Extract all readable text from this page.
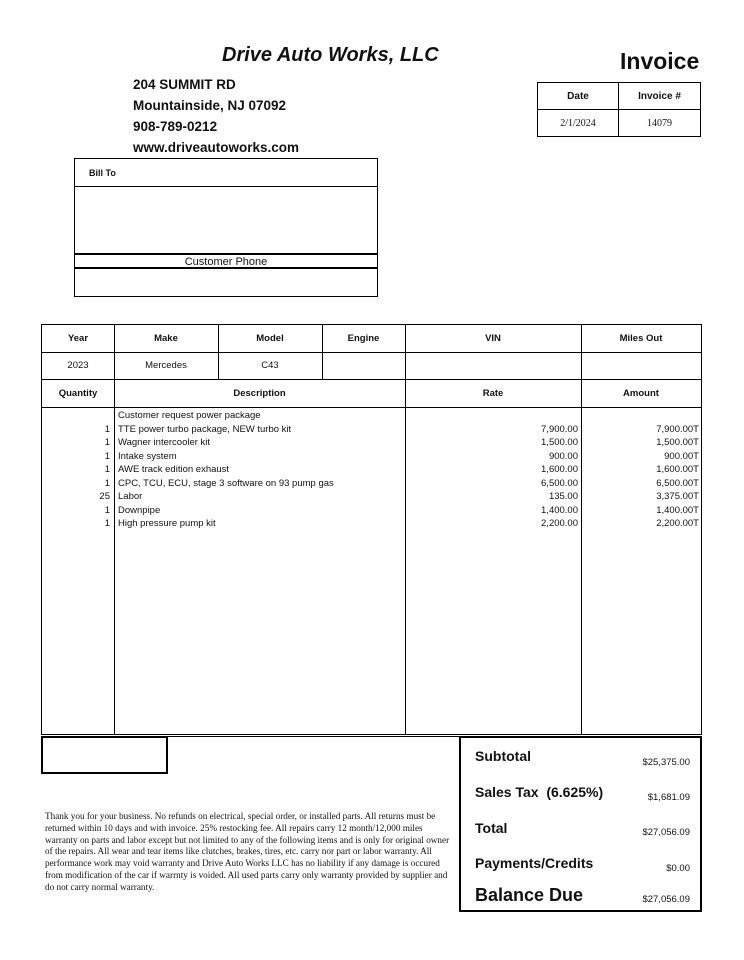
Drive Auto Works, LLC
204 SUMMIT RD
Mountainside, NJ 07092
908-789-0212
www.driveautoworks.com
Invoice
Date	Invoice #
2/1/2024	14079
Bill To
Customer Phone
Year	Make	Model	Engine	VIN	Miles Out
2023	Mercedes	C43
Quantity	Description	Rate	Amount
Customer request power package
1 TTE power turbo package, NEW turbo kit	7,900.00	7,900.00T
1 Wagner intercooler kit	1,500.00	1,500.00T
1 Intake system	900.00	900.00T
1 AWE track edition exhaust	1,600.00	1,600.00T
1 CPC, TCU, ECU, stage 3 software on 93 pump gas	6,500.00	6,500.00T
25 Labor	135.00	3,375.00T
1 Downpipe	1,400.00	1,400.00T
1 High pressure pump kit	2,200.00	2,200.00T
Thank you for your business. No refunds on electrical, special order, or installed parts. All returns must be returned within 10 days and with invoice. 25% restocking fee. All repairs carry 12 month/12,000 miles warranty on parts and labor except but not limited to any of the following items and is only for original owner of the repairs. All wear and tear items like clutches, brakes, tires, etc. carry nor part or labor warranty. All performance work may void warranty and Drive Auto Works LLC has no liability if any damage is occured from modification of the car if warrnty is voided. All used parts carry only warranty provided by supplier and do not carry normal warranty.
Subtotal	$25,375.00
Sales Tax  (6.625%)	$1,681.09
Total	$27,056.09
Payments/Credits	$0.00
Balance Due	$27,056.09
